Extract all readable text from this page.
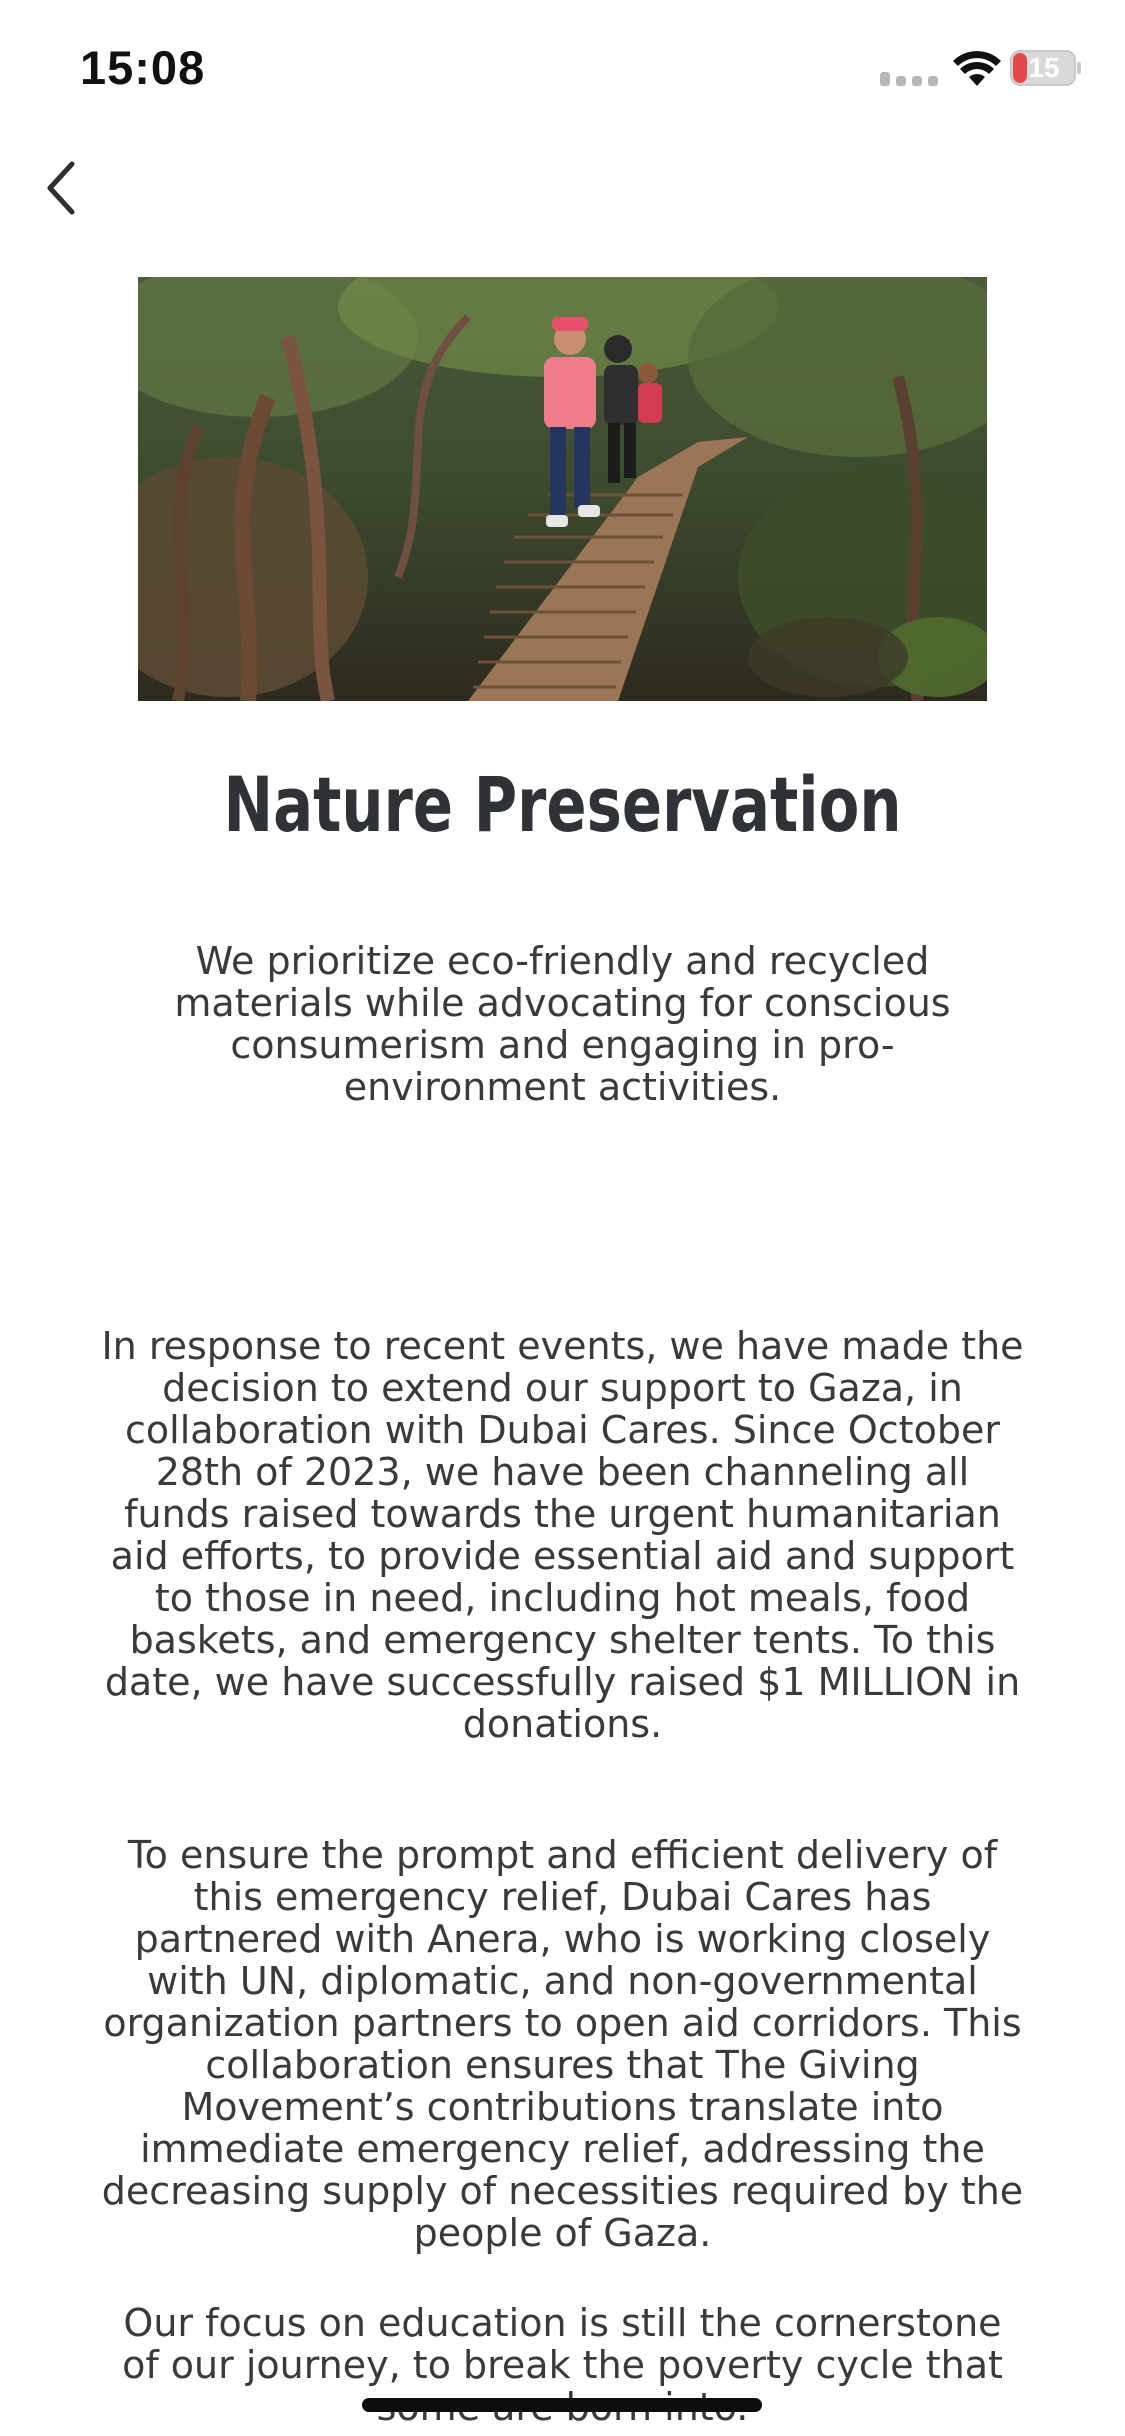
15:08	15
Nature Preservation

We prioritize eco-friendly and recycled materials while advocating for conscious consumerism and engaging in pro-environment activities.

In response to recent events, we have made the decision to extend our support to Gaza, in collaboration with Dubai Cares. Since October 28th of 2023, we have been channeling all funds raised towards the urgent humanitarian aid efforts, to provide essential aid and support to those in need, including hot meals, food baskets, and emergency shelter tents. To this date, we have successfully raised $1 MILLION in donations.

To ensure the prompt and efficient delivery of this emergency relief, Dubai Cares has partnered with Anera, who is working closely with UN, diplomatic, and non-governmental organization partners to open aid corridors. This collaboration ensures that The Giving Movement’s contributions translate into immediate emergency relief, addressing the decreasing supply of necessities required by the people of Gaza.

Our focus on education is still the cornerstone of our journey, to break the poverty cycle that
